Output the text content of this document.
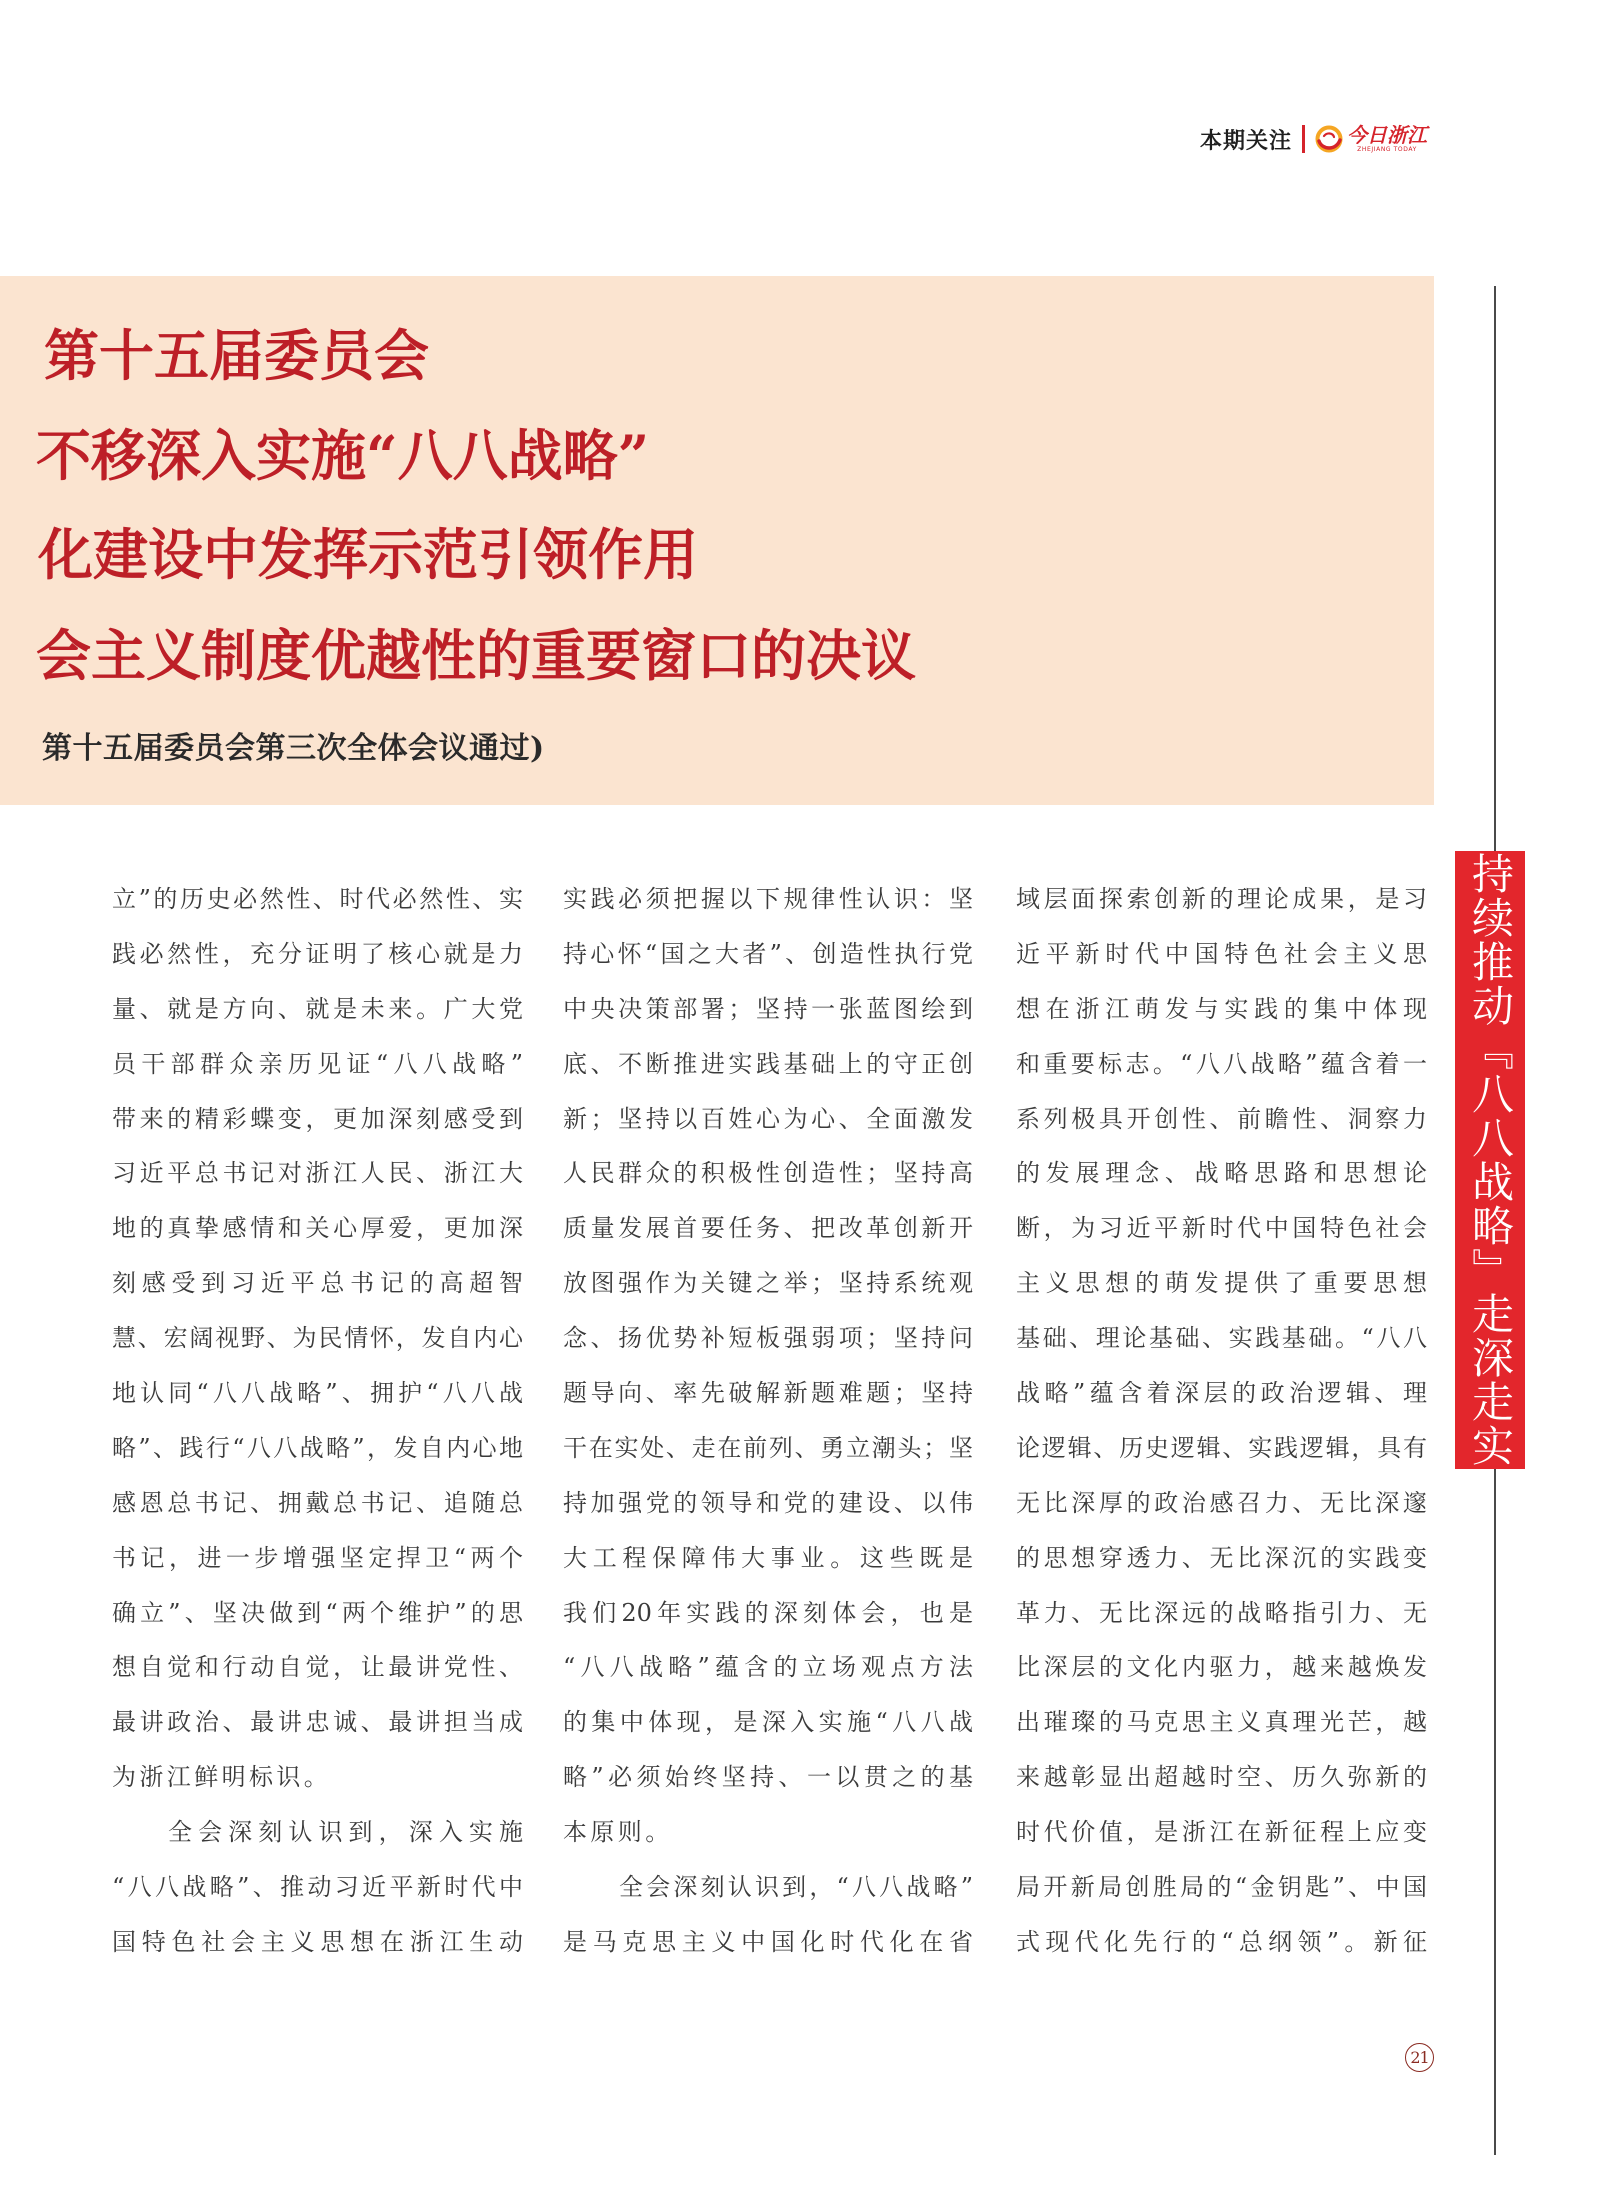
本期关注	今日浙江
ZHEJIANG TODAY
第十五届委员会
不移深入实施“八八战略”
化建设中发挥示范引领作用
会主义制度优越性的重要窗口的决议
第十五届委员会第三次全体会议通过)
持续推动『八八战略』走深走实
立”的历史必然性、时代必然性、实
践必然性，充分证明了核心就是力
量、就是方向、就是未来。广大党
员干部群众亲历见证“八八战略”
带来的精彩蝶变，更加深刻感受到
习近平总书记对浙江人民、浙江大
地的真挚感情和关心厚爱，更加深
刻感受到习近平总书记的高超智
慧、宏阔视野、为民情怀，发自内心
地认同“八八战略”、拥护“八八战
略”、践行“八八战略”，发自内心地
感恩总书记、拥戴总书记、追随总
书记，进一步增强坚定捍卫“两个
确立”、坚决做到“两个维护”的思
想自觉和行动自觉，让最讲党性、
最讲政治、最讲忠诚、最讲担当成
为浙江鲜明标识。
全会深刻认识到，深入实施
“八八战略”、推动习近平新时代中
国特色社会主义思想在浙江生动
实践必须把握以下规律性认识：坚
持心怀“国之大者”、创造性执行党
中央决策部署；坚持一张蓝图绘到
底、不断推进实践基础上的守正创
新；坚持以百姓心为心、全面激发
人民群众的积极性创造性；坚持高
质量发展首要任务、把改革创新开
放图强作为关键之举；坚持系统观
念、扬优势补短板强弱项；坚持问
题导向、率先破解新题难题；坚持
干在实处、走在前列、勇立潮头；坚
持加强党的领导和党的建设、以伟
大工程保障伟大事业。这些既是
我们20年实践的深刻体会，也是
“八八战略”蕴含的立场观点方法
的集中体现，是深入实施“八八战
略”必须始终坚持、一以贯之的基
本原则。
全会深刻认识到，“八八战略”
是马克思主义中国化时代化在省
域层面探索创新的理论成果，是习
近平新时代中国特色社会主义思
想在浙江萌发与实践的集中体现
和重要标志。“八八战略”蕴含着一
系列极具开创性、前瞻性、洞察力
的发展理念、战略思路和思想论
断，为习近平新时代中国特色社会
主义思想的萌发提供了重要思想
基础、理论基础、实践基础。“八八
战略”蕴含着深层的政治逻辑、理
论逻辑、历史逻辑、实践逻辑，具有
无比深厚的政治感召力、无比深邃
的思想穿透力、无比深沉的实践变
革力、无比深远的战略指引力、无
比深层的文化内驱力，越来越焕发
出璀璨的马克思主义真理光芒，越
来越彰显出超越时空、历久弥新的
时代价值，是浙江在新征程上应变
局开新局创胜局的“金钥匙”、中国
式现代化先行的“总纲领”。新征
21
